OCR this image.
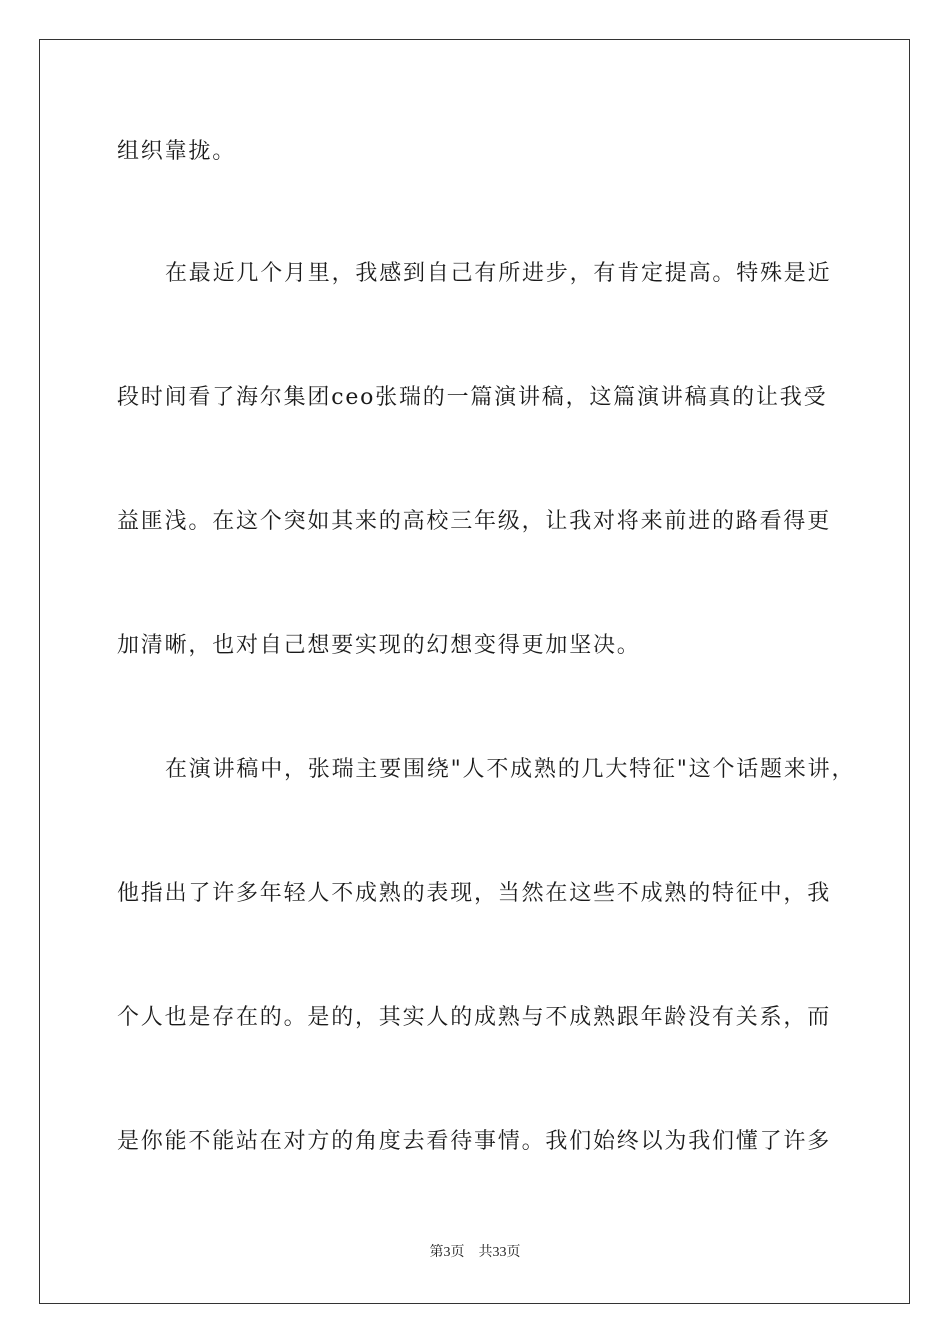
组织靠拢。
在最近几个月里，我感到自己有所进步，有肯定提高。特殊是近
段时间看了海尔集团ceo张瑞的一篇演讲稿，这篇演讲稿真的让我受
益匪浅。在这个突如其来的高校三年级，让我对将来前进的路看得更
加清晰，也对自己想要实现的幻想变得更加坚决。
在演讲稿中，张瑞主要围绕"人不成熟的几大特征"这个话题来讲，
他指出了许多年轻人不成熟的表现，当然在这些不成熟的特征中，我
个人也是存在的。是的，其实人的成熟与不成熟跟年龄没有关系，而
是你能不能站在对方的角度去看待事情。我们始终以为我们懂了许多
第3页 共33页
